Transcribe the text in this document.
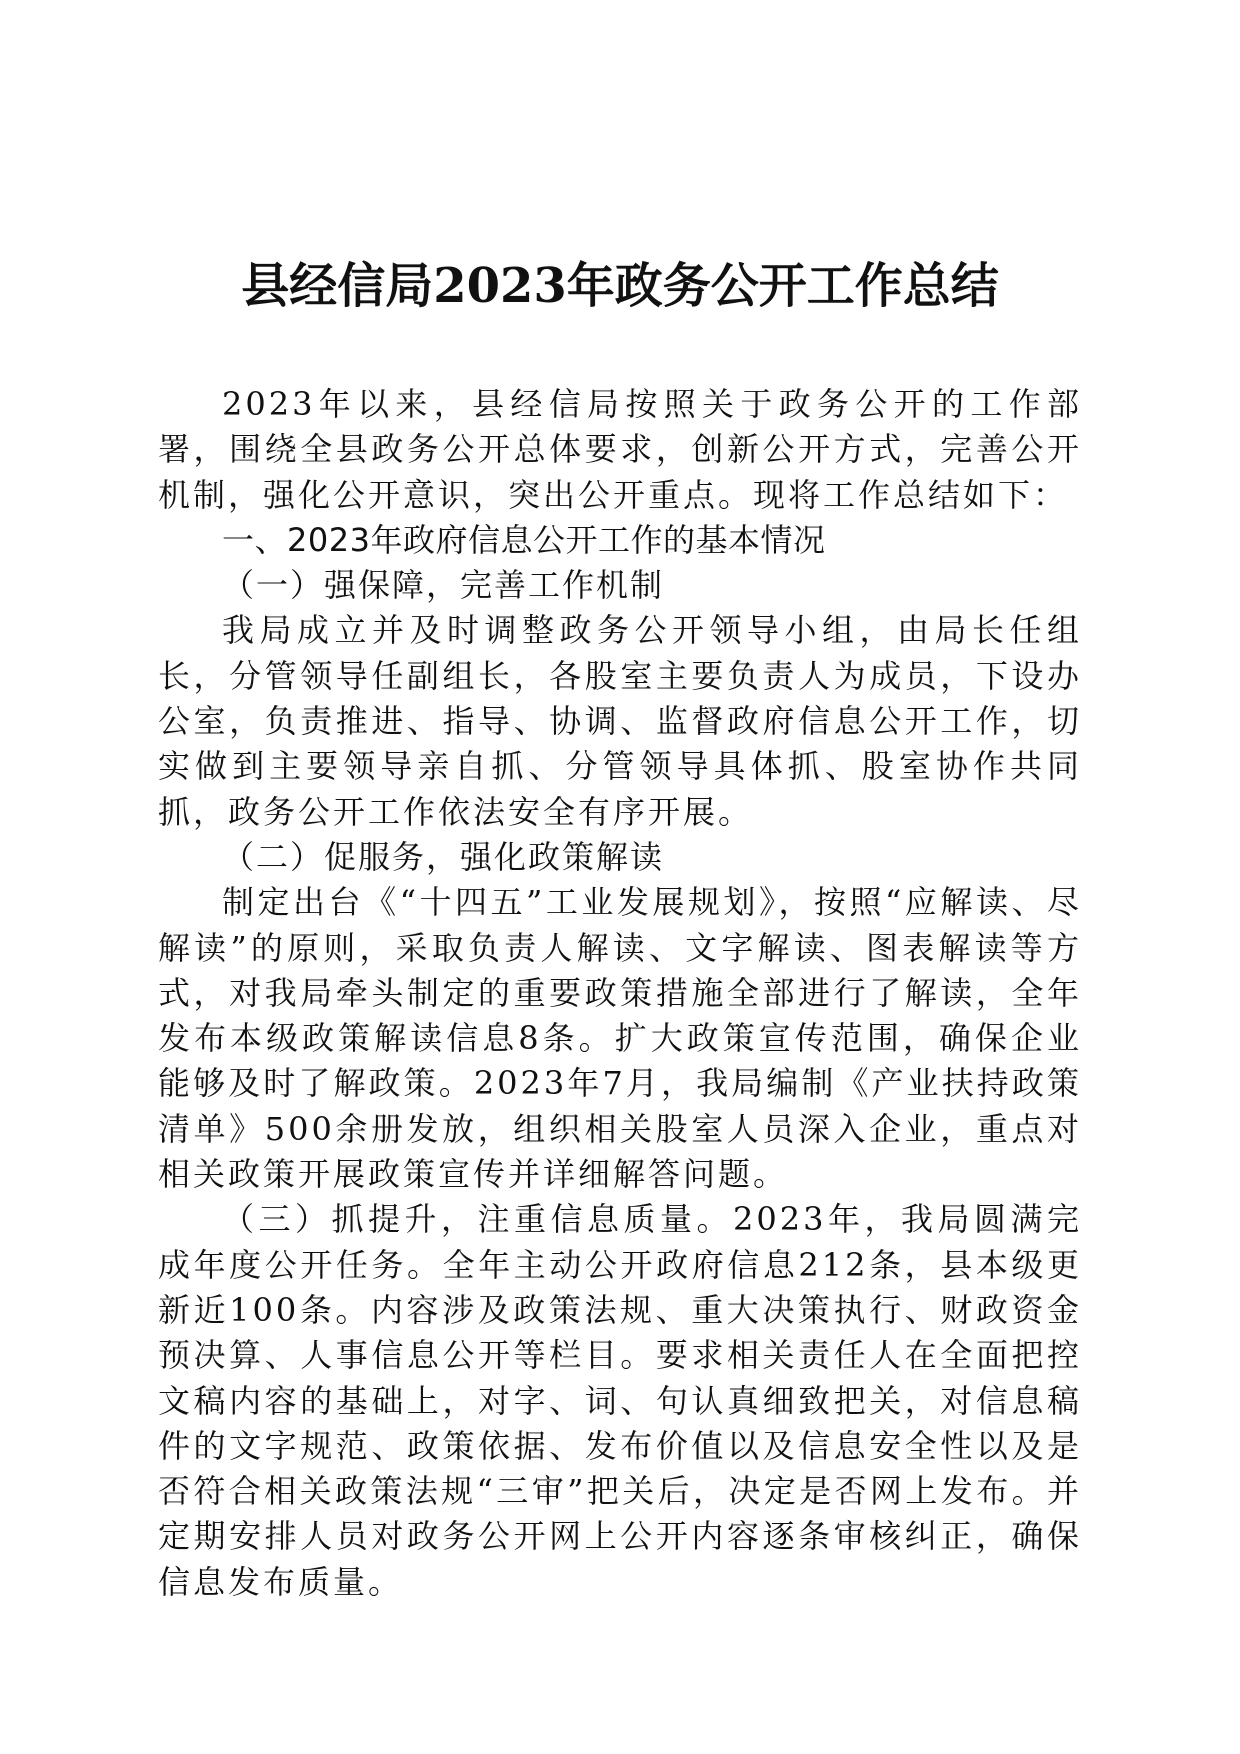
县经信局2023年政务公开工作总结

2023年以来，县经信局按照关于政务公开的工作部署，围绕全县政务公开总体要求，创新公开方式，完善公开机制，强化公开意识，突出公开重点。现将工作总结如下：

一、2023年政府信息公开工作的基本情况

（一）强保障，完善工作机制

我局成立并及时调整政务公开领导小组，由局长任组长，分管领导任副组长，各股室主要负责人为成员，下设办公室，负责推进、指导、协调、监督政府信息公开工作，切实做到主要领导亲自抓、分管领导具体抓、股室协作共同抓，政务公开工作依法安全有序开展。

（二）促服务，强化政策解读

制定出台《“十四五”工业发展规划》，按照“应解读、尽解读”的原则，采取负责人解读、文字解读、图表解读等方式，对我局牵头制定的重要政策措施全部进行了解读，全年发布本级政策解读信息8条。扩大政策宣传范围，确保企业能够及时了解政策。2023年7月，我局编制《产业扶持政策清单》500余册发放，组织相关股室人员深入企业，重点对相关政策开展政策宣传并详细解答问题。

（三）抓提升，注重信息质量。2023年，我局圆满完成年度公开任务。全年主动公开政府信息212条，县本级更新近100条。内容涉及政策法规、重大决策执行、财政资金预决算、人事信息公开等栏目。要求相关责任人在全面把控文稿内容的基础上，对字、词、句认真细致把关，对信息稿件的文字规范、政策依据、发布价值以及信息安全性以及是否符合相关政策法规“三审”把关后，决定是否网上发布。并定期安排人员对政务公开网上公开内容逐条审核纠正，确保信息发布质量。
